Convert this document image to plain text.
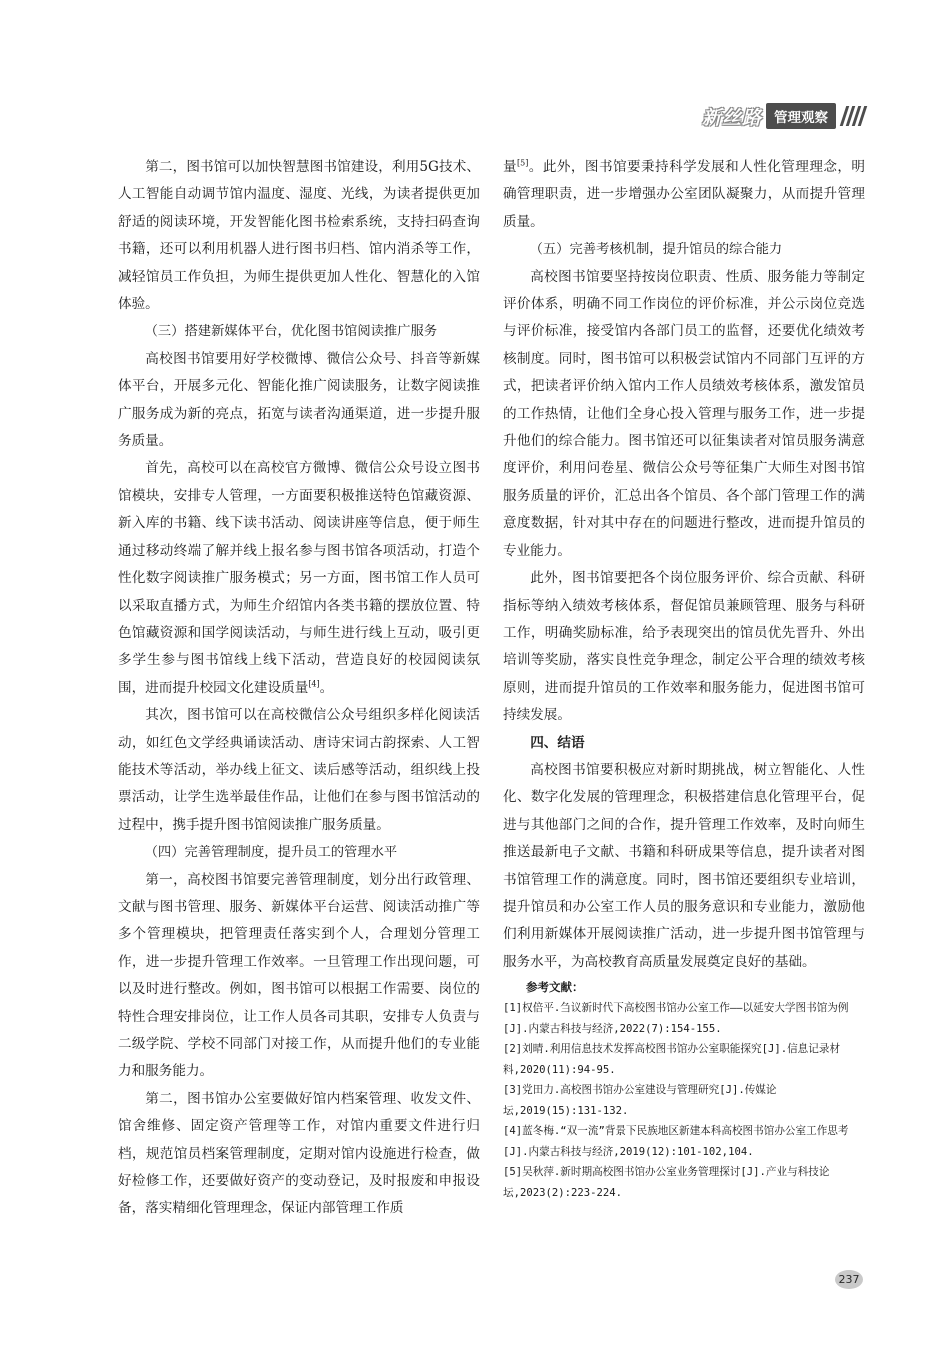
新丝路 管理观察

第二，图书馆可以加快智慧图书馆建设，利用5G技术、人工智能自动调节馆内温度、湿度、光线，为读者提供更加舒适的阅读环境，开发智能化图书检索系统，支持扫码查询书籍，还可以利用机器人进行图书归档、馆内消杀等工作，减轻馆员工作负担，为师生提供更加人性化、智慧化的入馆体验。

（三）搭建新媒体平台，优化图书馆阅读推广服务

高校图书馆要用好学校微博、微信公众号、抖音等新媒体平台，开展多元化、智能化推广阅读服务，让数字阅读推广服务成为新的亮点，拓宽与读者沟通渠道，进一步提升服务质量。

首先，高校可以在高校官方微博、微信公众号设立图书馆模块，安排专人管理，一方面要积极推送特色馆藏资源、新入库的书籍、线下读书活动、阅读讲座等信息，便于师生通过移动终端了解并线上报名参与图书馆各项活动，打造个性化数字阅读推广服务模式；另一方面，图书馆工作人员可以采取直播方式，为师生介绍馆内各类书籍的摆放位置、特色馆藏资源和国学阅读活动，与师生进行线上互动，吸引更多学生参与图书馆线上线下活动，营造良好的校园阅读氛围，进而提升校园文化建设质量[4]。

其次，图书馆可以在高校微信公众号组织多样化阅读活动，如红色文学经典诵读活动、唐诗宋词古韵探索、人工智能技术等活动，举办线上征文、读后感等活动，组织线上投票活动，让学生选举最佳作品，让他们在参与图书馆活动的过程中，携手提升图书馆阅读推广服务质量。

（四）完善管理制度，提升员工的管理水平

第一，高校图书馆要完善管理制度，划分出行政管理、文献与图书管理、服务、新媒体平台运营、阅读活动推广等多个管理模块，把管理责任落实到个人，合理划分管理工作，进一步提升管理工作效率。一旦管理工作出现问题，可以及时进行整改。例如，图书馆可以根据工作需要、岗位的特性合理安排岗位，让工作人员各司其职，安排专人负责与二级学院、学校不同部门对接工作，从而提升他们的专业能力和服务能力。

第二，图书馆办公室要做好馆内档案管理、收发文件、馆舍维修、固定资产管理等工作，对馆内重要文件进行归档，规范馆员档案管理制度，定期对馆内设施进行检查，做好检修工作，还要做好资产的变动登记，及时报废和申报设备，落实精细化管理理念，保证内部管理工作质

量[5]。此外，图书馆要秉持科学发展和人性化管理理念，明确管理职责，进一步增强办公室团队凝聚力，从而提升管理质量。

（五）完善考核机制，提升馆员的综合能力

高校图书馆要坚持按岗位职责、性质、服务能力等制定评价体系，明确不同工作岗位的评价标准，并公示岗位竞选与评价标准，接受馆内各部门员工的监督，还要优化绩效考核制度。同时，图书馆可以积极尝试馆内不同部门互评的方式，把读者评价纳入馆内工作人员绩效考核体系，激发馆员的工作热情，让他们全身心投入管理与服务工作，进一步提升他们的综合能力。图书馆还可以征集读者对馆员服务满意度评价，利用问卷星、微信公众号等征集广大师生对图书馆服务质量的评价，汇总出各个馆员、各个部门管理工作的满意度数据，针对其中存在的问题进行整改，进而提升馆员的专业能力。

此外，图书馆要把各个岗位服务评价、综合贡献、科研指标等纳入绩效考核体系，督促馆员兼顾管理、服务与科研工作，明确奖励标准，给予表现突出的馆员优先晋升、外出培训等奖励，落实良性竞争理念，制定公平合理的绩效考核原则，进而提升馆员的工作效率和服务能力，促进图书馆可持续发展。

四、结语

高校图书馆要积极应对新时期挑战，树立智能化、人性化、数字化发展的管理理念，积极搭建信息化管理平台，促进与其他部门之间的合作，提升管理工作效率，及时向师生推送最新电子文献、书籍和科研成果等信息，提升读者对图书馆管理工作的满意度。同时，图书馆还要组织专业培训，提升馆员和办公室工作人员的服务意识和专业能力，激励他们利用新媒体开展阅读推广活动，进一步提升图书馆管理与服务水平，为高校教育高质量发展奠定良好的基础。

参考文献：

[1]权倍平.刍议新时代下高校图书馆办公室工作——以延安大学图书馆为例[J].内蒙古科技与经济,2022(7):154-155.
[2]刘晴.利用信息技术发挥高校图书馆办公室职能探究[J].信息记录材料,2020(11):94-95.
[3]党田力.高校图书馆办公室建设与管理研究[J].传媒论坛,2019(15):131-132.
[4]蓝冬梅.“双一流”背景下民族地区新建本科高校图书馆办公室工作思考[J].内蒙古科技与经济,2019(12):101-102,104.
[5]吴秋萍.新时期高校图书馆办公室业务管理探讨[J].产业与科技论坛,2023(2):223-224.
237
